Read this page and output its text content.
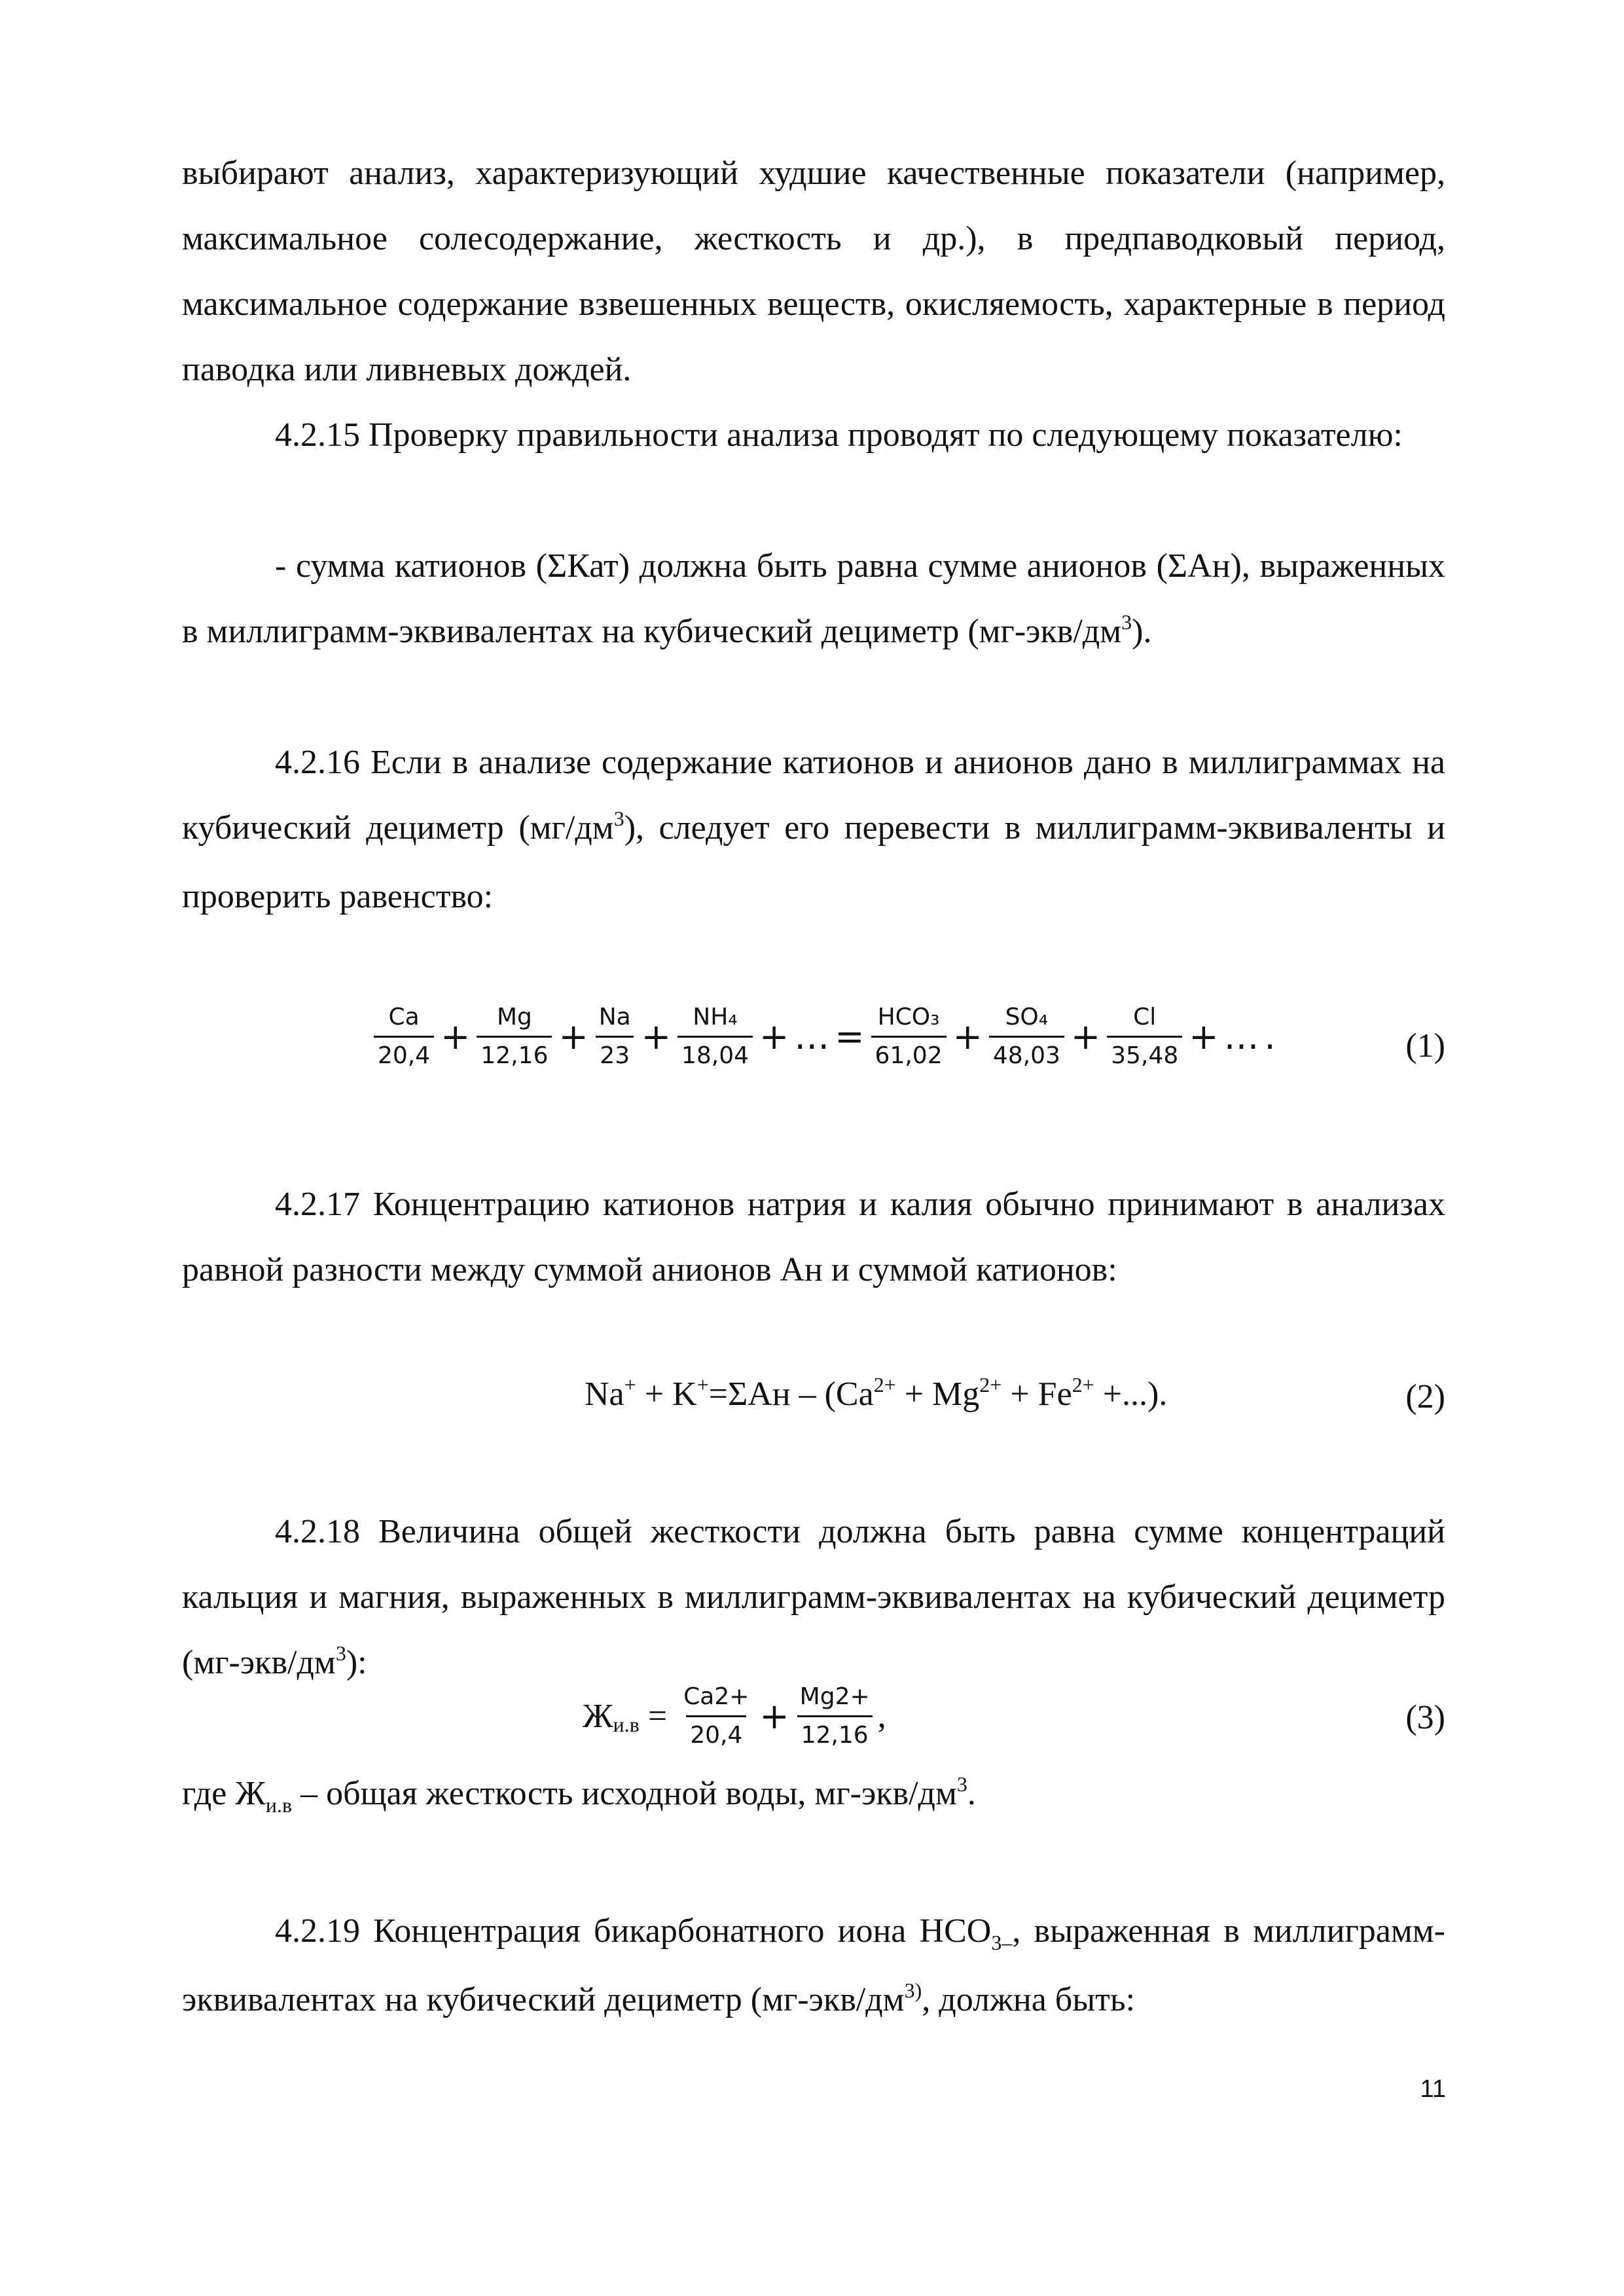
выбирают анализ, характеризующий худшие качественные показатели (например, максимальное солесодержание, жесткость и др.), в предпаводковый период, максимальное содержание взвешенных веществ, окисляемость, характерные в период паводка или ливневых дождей.

4.2.15 Проверку правильности анализа проводят по следующему показателю:

- сумма катионов (ΣКат) должна быть равна сумме анионов (ΣАн), выраженных в миллиграмм-эквивалентах на кубический дециметр $(мг-экв/дм^3)$.

4.2.16 Если в анализе содержание катионов и анионов дано в миллиграммах на кубический дециметр $(мг/дм^3)$, следует его перевести в миллиграмм-эквиваленты и проверить равенство:

$\frac{Ca}{20,4} + \frac{Mg}{12,16} + \frac{Na}{23} + \frac{\text{NH₄}}{18,04}$ + … = $\frac{\text{HCO₃}}{61,02} + \frac{\text{SO₄}}{48,03} + \frac{Cl}{35,48}$ + … .	(1)

4.2.17 Концентрацию катионов натрия и калия обычно принимают в анализах равной разности между суммой анионов Ан и суммой катионов:

$Na^+ + K^+=\Sigma Ан - (Ca^{2+} + Mg^{2+} + Fe^{2+}$ +...).	(2)

4.2.18 Величина общей жесткости должна быть равна сумме концентраций кальция и магния, выраженных в миллиграмм-эквивалентах на кубический дециметр $(мг-экв/дм^3)$:

$Ж_{и.в} = \frac{Ca2+}{20,4} + \frac{Mg2+}{12,16}$ ,	(3)

где $Ж_{и.в}$ – общая жесткость исходной воды, $мг-экв/дм^3$.

4.2.19 Концентрация бикарбонатного иона $HCO_{3-}$, выраженная в миллиграмм-эквивалентах на кубический дециметр ($мг-экв/дм^{3)}$, должна быть:

11
